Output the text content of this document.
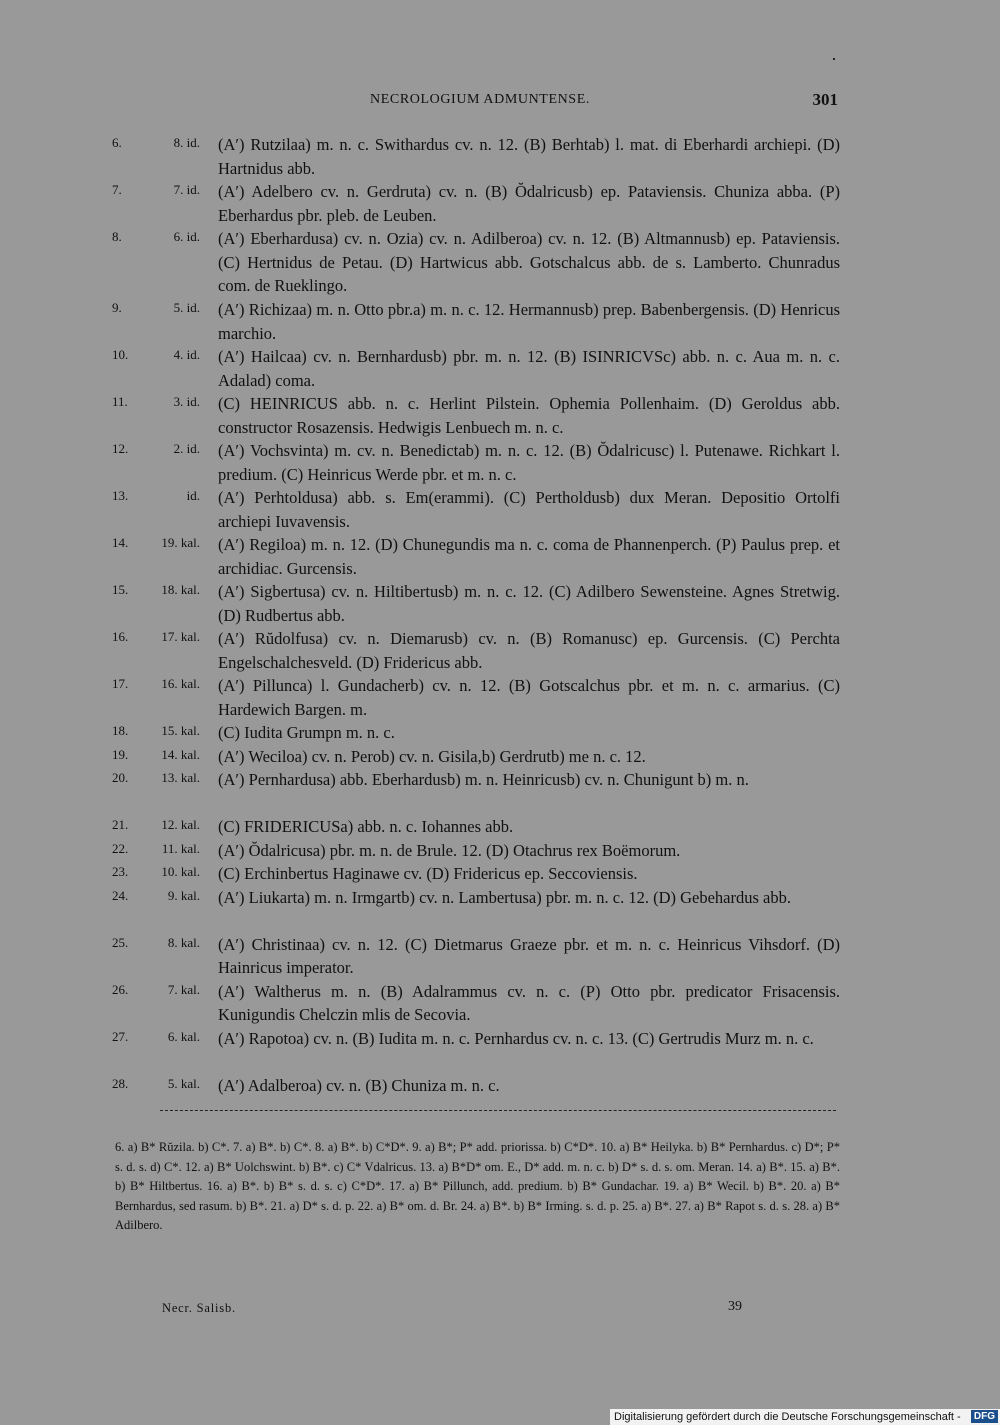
NECROLOGIUM ADMUNTENSE.	301
6.	8. id.	(A′) Rutzilaa) m. n. c. Swithardus cv. n. 12. (B) Berhtab) l. mat. di Eberhardi archiepi. (D) Hartnidus abb.
7.	7. id.	(A′) Adelbero cv. n. Gerdruta) cv. n. (B) Ŏdalricusb) ep. Pataviensis. Chuniza abba. (P) Eberhardus pbr. pleb. de Leuben.
8.	6. id.	(A′) Eberhardusa) cv. n. Ozia) cv. n. Adilberoa) cv. n. 12. (B) Altmannusb) ep. Pataviensis. (C) Hertnidus de Petau. (D) Hartwicus abb. Gotschalcus abb. de s. Lamberto. Chunradus com. de Rueklingo.
9.	5. id.	(A′) Richizaa) m. n. Otto pbr.a) m. n. c. 12. Hermannusb) prep. Babenbergensis. (D) Henricus marchio.
10.	4. id.	(A′) Hailcaa) cv. n. Bernhardusb) pbr. m. n. 12. (B) ISINRICVSc) abb. n. c. Aua m. n. c. Adalad) coma.
11.	3. id.	(C) HEINRICUS abb. n. c. Herlint Pilstein. Ophemia Pollenhaim. (D) Geroldus abb. constructor Rosazensis. Hedwigis Lenbuech m. n. c.
12.	2. id.	(A′) Vochsvinta) m. cv. n. Benedictab) m. n. c. 12. (B) Ŏdalricusc) l. Putenawe. Richkart l. predium. (C) Heinricus Werde pbr. et m. n. c.
13.	id.	(A′) Perhtoldusa) abb. s. Em(erammi). (C) Pertholdusb) dux Meran. Depositio Ortolfi archiepi Iuvavensis.
14.	19. kal.	(A′) Regiloa) m. n. 12. (D) Chunegundis ma n. c. coma de Phannenperch. (P) Paulus prep. et archidiac. Gurcensis.
15.	18. kal.	(A′) Sigbertusa) cv. n. Hiltibertusb) m. n. c. 12. (C) Adilbero Sewensteine. Agnes Stretwig. (D) Rudbertus abb.
16.	17. kal.	(A′) Rŭdolfusa) cv. n. Diemarusb) cv. n. (B) Romanusc) ep. Gurcensis. (C) Perchta Engelschalchesveld. (D) Fridericus abb.
17.	16. kal.	(A′) Pillunca) l. Gundacherb) cv. n. 12. (B) Gotscalchus pbr. et m. n. c. armarius. (C) Hardewich Bargen. m.
18.	15. kal.	(C) Iudita Grumpn m. n. c.
19.	14. kal.	(A′) Weciloa) cv. n. Perob) cv. n. Gisila,b) Gerdrutb) me n. c. 12.
20.	13. kal.	(A′) Pernhardusa) abb. Eberhardusb) m. n. Heinricusb) cv. n. Chunigunt b) m. n.
21.	12. kal.	(C) FRIDERICUSa) abb. n. c. Iohannes abb.
22.	11. kal.	(A′) Ŏdalricusa) pbr. m. n. de Brule. 12. (D) Otachrus rex Boëmorum.
23.	10. kal.	(C) Erchinbertus Haginawe cv. (D) Fridericus ep. Seccoviensis.
24.	9. kal.	(A′) Liukarta) m. n. Irmgartb) cv. n. Lambertusa) pbr. m. n. c. 12. (D) Gebehardus abb.
25.	8. kal.	(A′) Christinaa) cv. n. 12. (C) Dietmarus Graeze pbr. et m. n. c. Heinricus Vihsdorf. (D) Hainricus imperator.
26.	7. kal.	(A′) Waltherus m. n. (B) Adalrammus cv. n. c. (P) Otto pbr. predicator Frisacensis. Kunigundis Chelczin mlis de Secovia.
27.	6. kal.	(A′) Rapotoa) cv. n. (B) Iudita m. n. c. Pernhardus cv. n. c. 13. (C) Gertrudis Murz m. n. c.
28.	5. kal.	(A′) Adalberoa) cv. n. (B) Chuniza m. n. c.
6. a) B* Rŭzila. b) C*. 7. a) B*. b) C*. 8. a) B*. b) C*D*. 9. a) B*; P* add. priorissa. b) C*D*. 10. a) B* Heilyka. b) B* Pernhardus. c) D*; P* s. d. s. d) C*. 12. a) B* Uolchswint. b) B*. c) C* Vdalricus. 13. a) B*D* om. E., D* add. m. n. c. b) D* s. d. s. om. Meran. 14. a) B*. 15. a) B*. b) B* Hiltbertus. 16. a) B*. b) B* s. d. s. c) C*D*. 17. a) B* Pillunch, add. predium. b) B* Gundachar. 19. a) B* Wecil. b) B*. 20. a) B* Bernhardus, sed rasum. b) B*. 21. a) D* s. d. p. 22. a) B* om. d. Br. 24. a) B*. b) B* Irming. s. d. p. 25. a) B*. 27. a) B* Rapot s. d. s. 28. a) B* Adilbero.
Necr. Salisb.	39
Digitalisierung gefördert durch die Deutsche Forschungsgemeinschaft -	DFG
